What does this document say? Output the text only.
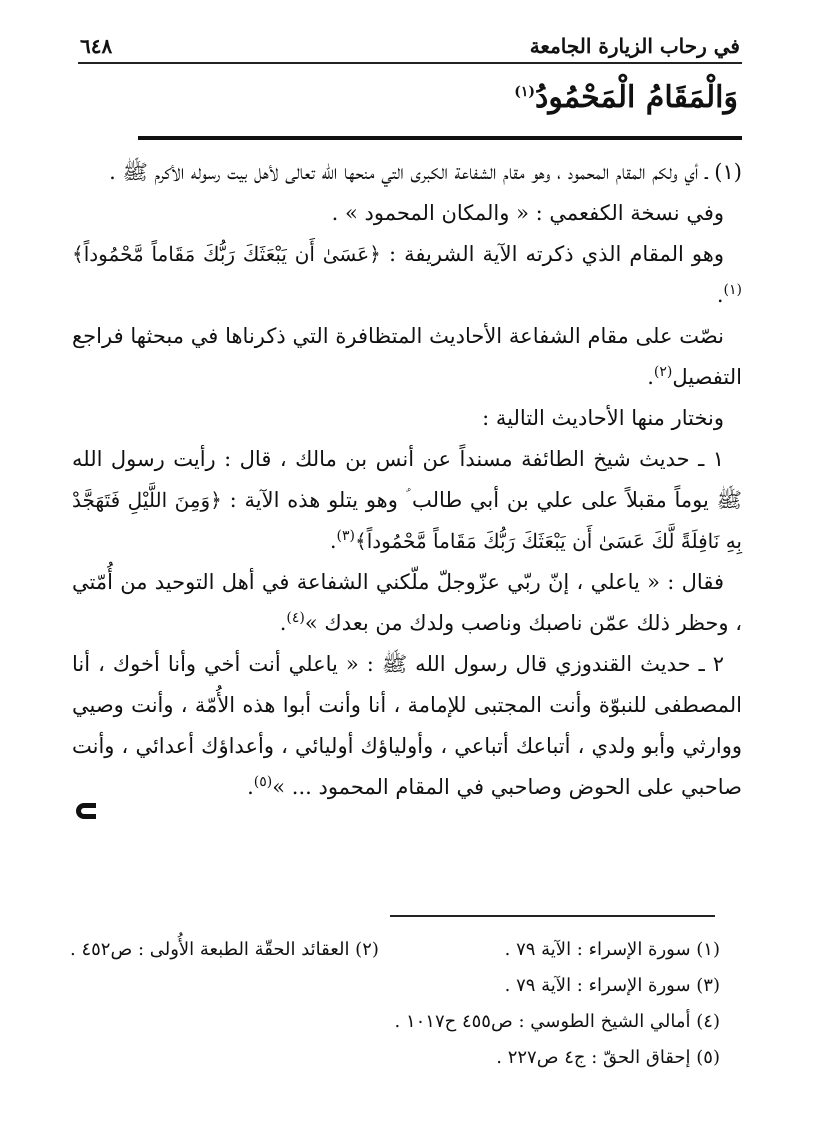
في رحاب الزيارة الجامعة
٦٤٨
وَالْمَقَامُ الْمَحْمُودُ$^{(١)}$

(١) ـ أي ولكم المقام المحمود ، وهو مقام الشفاعة الكبرى التي منحها الله تعالى لأهل بيت رسوله الأكرم ﷺ .

وفي نسخة الكفعمي : « والمكان المحمود » .

وهو المقام الذي ذكرته الآية الشريفة : ﴿عَسَىٰ أَن يَبْعَثَكَ رَبُّكَ مَقَاماً مَّحْمُوداً﴾$^{(١)}$.

نصّت على مقام الشفاعة الأحاديث المتظافرة التي ذكرناها في مبحثها فراجع التفصيل$^{(٢)}$.

ونختار منها الأحاديث التالية :

١ ـ حديث شيخ الطائفة مسنداً عن أنس بن مالك ، قال : رأيت رسول الله ﷺ يوماً مقبلاً على علي بن أبي طالب ؑ وهو يتلو هذه الآية : ﴿وَمِنَ اللَّيْلِ فَتَهَجَّدْ بِهِ نَافِلَةً لَّكَ عَسَىٰ أَن يَبْعَثَكَ رَبُّكَ مَقَاماً مَّحْمُوداً﴾$^{(٣)}$.

فقال : « ياعلي ، إنّ ربّي عزّوجلّ ملّكني الشفاعة في أهل التوحيد من أُمّتي ، وحظر ذلك عمّن ناصبك وناصب ولدك من بعدك »$^{(٤)}$.

٢ ـ حديث القندوزي قال رسول الله ﷺ : « ياعلي أنت أخي وأنا أخوك ، أنا المصطفى للنبوّة وأنت المجتبى للإمامة ، أنا وأنت أبوا هذه الأُمّة ، وأنت وصيي ووارثي وأبو ولدي ، أتباعك أتباعي ، وأولياؤك أوليائي ، وأعداؤك أعدائي ، وأنت صاحبي على الحوض وصاحبي في المقام المحمود ... »$^{(٥)}$.

(١) سورة الإسراء : الآية ٧٩ .
(٢) العقائد الحقّة الطبعة الأُولى : ص٤٥٢ .
(٣) سورة الإسراء : الآية ٧٩ .
(٤) أمالي الشيخ الطوسي : ص٤٥٥ ح١٠١٧ .
(٥) إحقاق الحقّ : ج٤ ص٢٢٧ .
